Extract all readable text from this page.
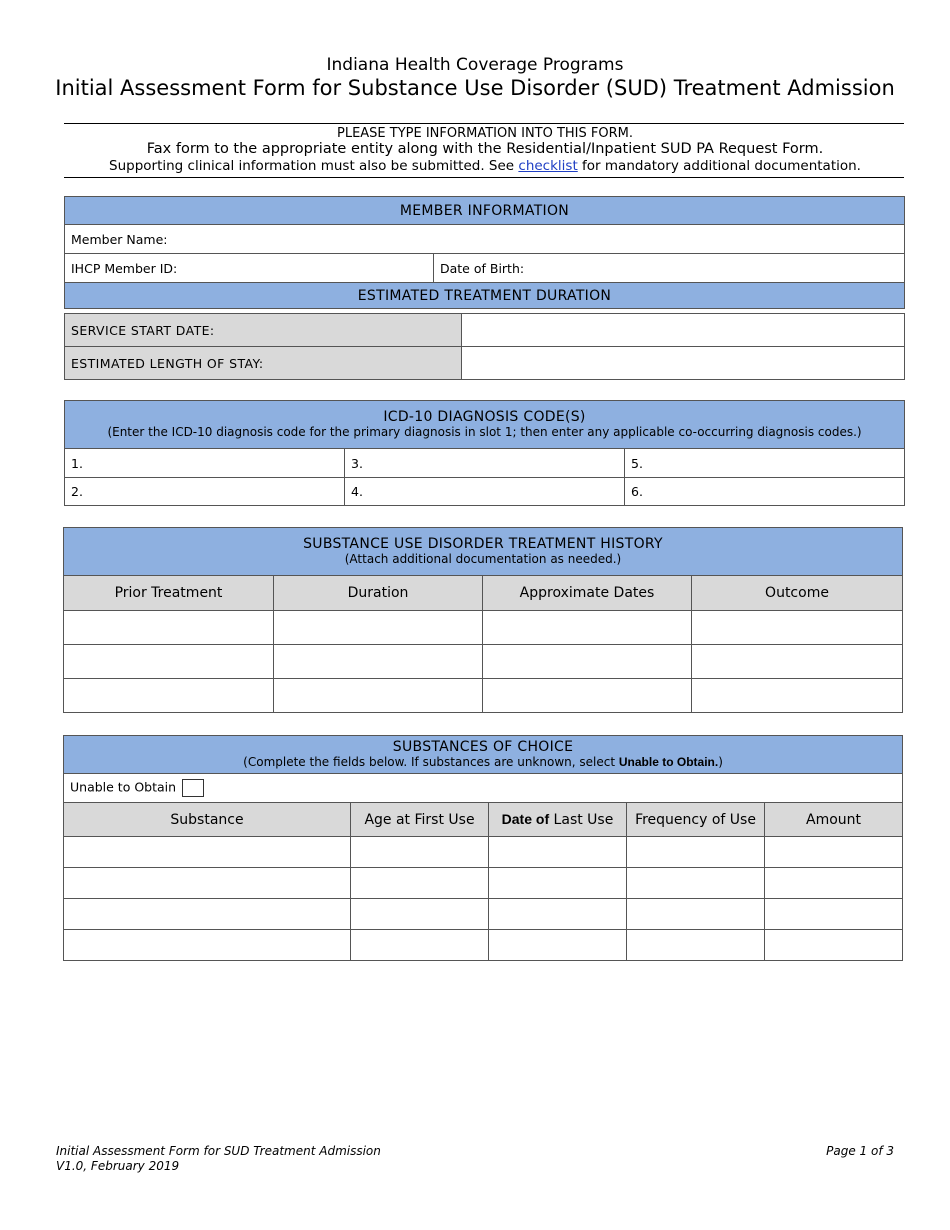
Indiana Health Coverage Programs
Initial Assessment Form for Substance Use Disorder (SUD) Treatment Admission
PLEASE TYPE INFORMATION INTO THIS FORM.
Fax form to the appropriate entity along with the Residential/Inpatient SUD PA Request Form.
Supporting clinical information must also be submitted. See checklist for mandatory additional documentation.
MEMBER INFORMATION
Member Name:
IHCP Member ID:	Date of Birth:
ESTIMATED TREATMENT DURATION
SERVICE START DATE:	
ESTIMATED LENGTH OF STAY:	
ICD-10 DIAGNOSIS CODE(S)
(Enter the ICD-10 diagnosis code for the primary diagnosis in slot 1; then enter any applicable co-occurring diagnosis codes.)		

1.	3.	5.
2.	4.	6.
SUBSTANCE USE DISORDER TREATMENT HISTORY
(Attach additional documentation as needed.)			

Prior Treatment	Duration	Approximate Dates	Outcome

SUBSTANCES OF CHOICE
(Complete the fields below. If substances are unknown, select Unable to Obtain.)				

Unable to Obtain				
Substance	Age at First Use	Date of Last Use	Frequency of Use	Amount

Initial Assessment Form for SUD Treatment Admission
V1.0, February 2019
Page 1 of 3
